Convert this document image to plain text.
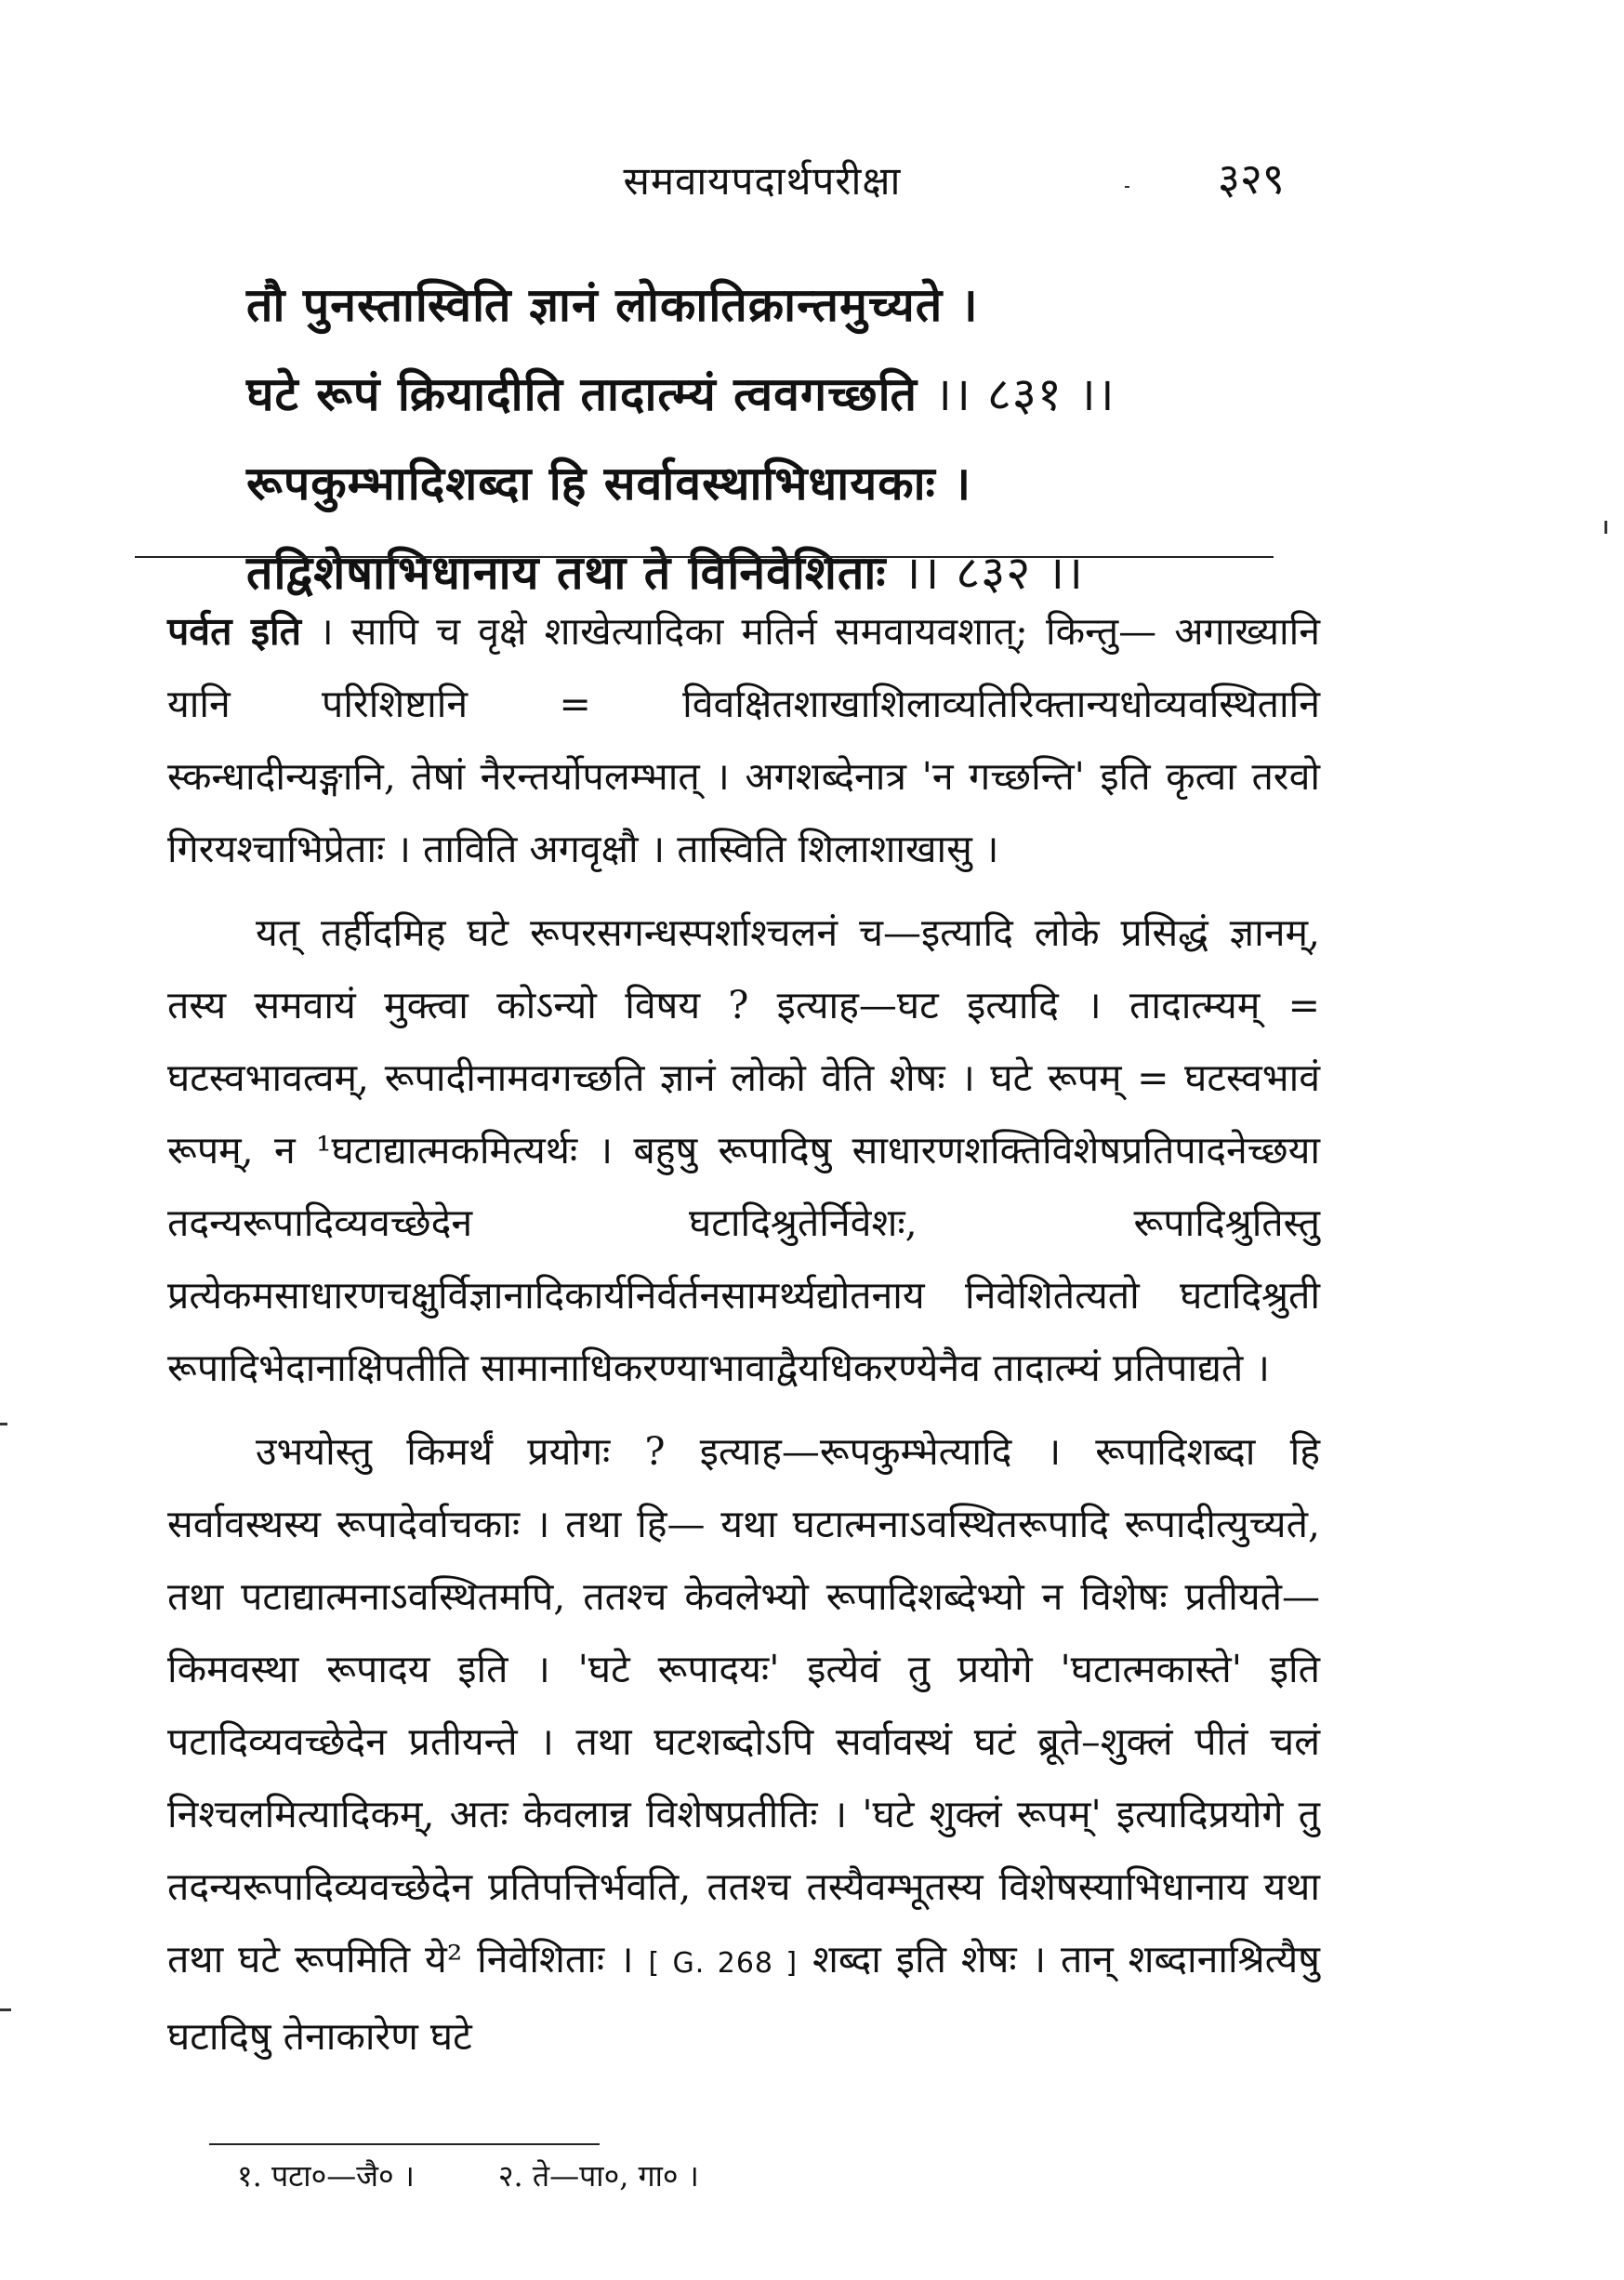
समवायपदार्थपरीक्षा	३२९
तौ पुनस्तास्विति ज्ञानं लोकातिक्रान्तमुच्यते ।
घटे रूपं क्रियादीति तादात्म्यं त्ववगच्छति ।। ८३१ ।।
रूपकुम्भादिशब्दा हि सर्वावस्थाभिधायकाः ।
तद्विशेषाभिधानाय तथा ते विनिवेशिताः ।। ८३२ ।।

पर्वत इति । सापि च वृक्षे शाखेत्यादिका मतिर्न समवायवशात्; किन्तु— अगाख्यानि यानि परिशिष्टानि = विवक्षितशाखाशिलाव्यतिरिक्तान्यधोव्यवस्थितानि स्कन्धादीन्यङ्गानि, तेषां नैरन्तर्योपलम्भात् । अगशब्देनात्र 'न गच्छन्ति' इति कृत्वा तरवो गिरयश्चाभिप्रेताः । ताविति अगवृक्षौ । तास्विति शिलाशाखासु ।

यत् तर्हीदमिह घटे रूपरसगन्धस्पर्शाश्चलनं च—इत्यादि लोके प्रसिद्धं ज्ञानम्, तस्य समवायं मुक्त्वा कोऽन्यो विषय ? इत्याह—घट इत्यादि । तादात्म्यम् = घटस्वभावत्वम्, रूपादीनामवगच्छति ज्ञानं लोको वेति शेषः । घटे रूपम् = घटस्वभावं रूपम्, न ¹घटाद्यात्मकमित्यर्थः । बहुषु रूपादिषु साधारणशक्तिविशेषप्रतिपादनेच्छया तदन्यरूपादिव्यवच्छेदेन घटादिश्रुतेर्निवेशः, रूपादिश्रुतिस्तु प्रत्येकमसाधारणचक्षुर्विज्ञानादिकार्यनिर्वर्तनसामर्थ्यद्योतनाय निवेशितेत्यतो घटादिश्रुती रूपादिभेदानाक्षिपतीति सामानाधिकरण्याभावाद्वैयधिकरण्येनैव तादात्म्यं प्रतिपाद्यते ।

उभयोस्तु किमर्थं प्रयोगः ? इत्याह—रूपकुम्भेत्यादि । रूपादिशब्दा हि सर्वावस्थस्य रूपादेर्वाचकाः । तथा हि— यथा घटात्मनाऽवस्थितरूपादि रूपादीत्युच्यते, तथा पटाद्यात्मनाऽवस्थितमपि, ततश्च केवलेभ्यो रूपादिशब्देभ्यो न विशेषः प्रतीयते—किमवस्था रूपादय इति । 'घटे रूपादयः' इत्येवं तु प्रयोगे 'घटात्मकास्ते' इति पटादिव्यवच्छेदेन प्रतीयन्ते । तथा घटशब्दोऽपि सर्वावस्थं घटं ब्रूते–शुक्लं पीतं चलं निश्चलमित्यादिकम्, अतः केवलान्न विशेषप्रतीतिः । 'घटे शुक्लं रूपम्' इत्यादिप्रयोगे तु तदन्यरूपादिव्यवच्छेदेन प्रतिपत्तिर्भवति, ततश्च तस्यैवम्भूतस्य विशेषस्याभिधानाय यथा तथा घटे रूपमिति ये² निवेशिताः । [ G. 268 ] शब्दा इति शेषः । तान् शब्दानाश्रित्यैषु घटादिषु तेनाकारेण घटे

१. पटा०—जै० ।	२. ते—पा०, गा० ।
